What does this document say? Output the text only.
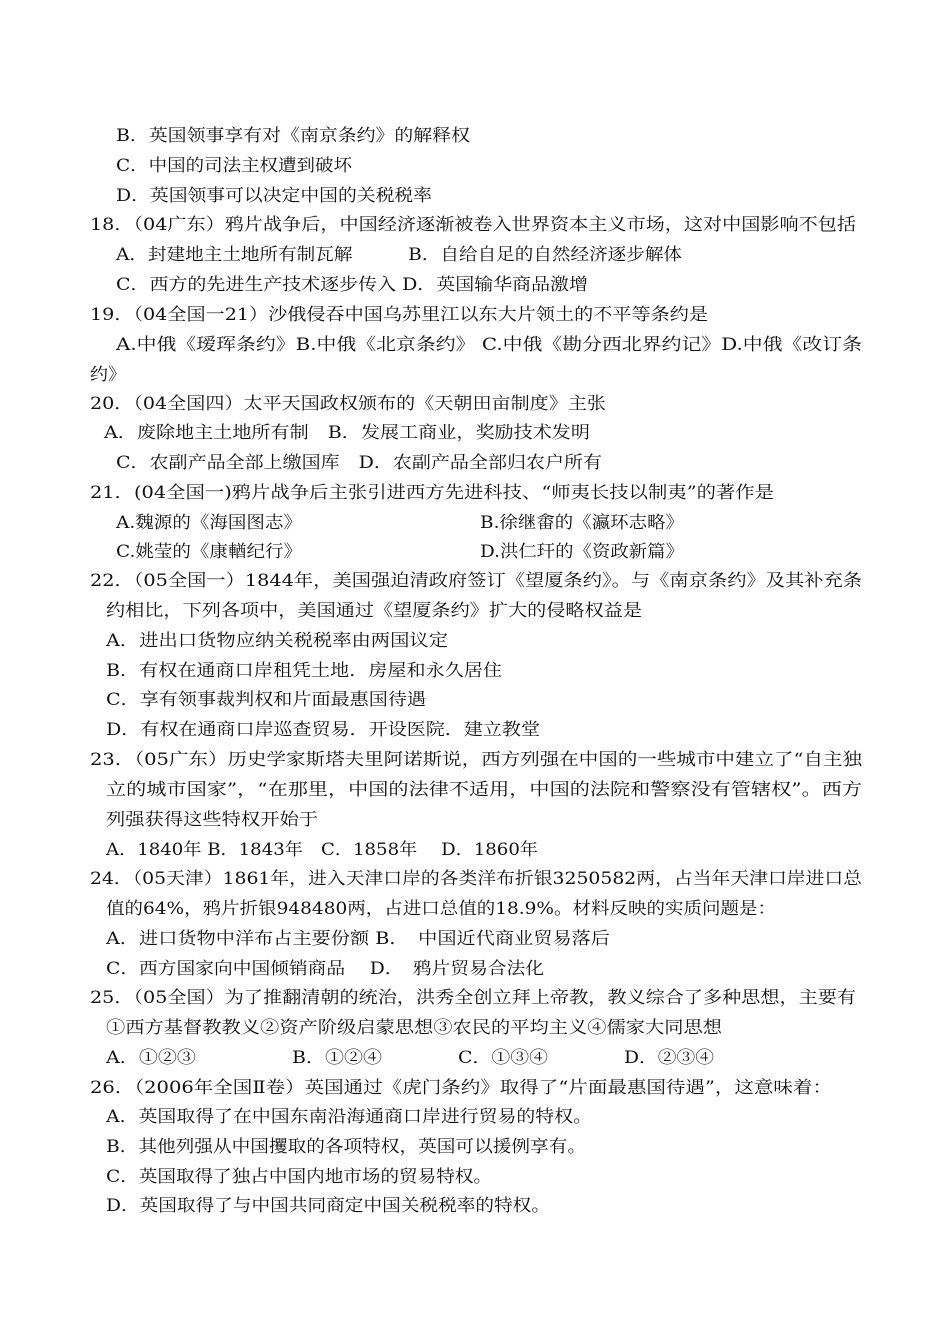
B．英国领事享有对《南京条约》的解释权
C．中国的司法主权遭到破坏
D．英国领事可以决定中国的关税税率
18．（04广东）鸦片战争后，中国经济逐渐被卷入世界资本主义市场，这对中国影响不包括
A．封建地主土地所有制瓦解　　　B．自给自足的自然经济逐步解体
C．西方的先进生产技术逐步传入 D．英国输华商品激增
19．（04全国一21）沙俄侵吞中国乌苏里江以东大片领土的不平等条约是
A.中俄《瑷珲条约》B.中俄《北京条约》 C.中俄《勘分西北界约记》D.中俄《改订条
约》
20．（04全国四）太平天国政权颁布的《天朝田亩制度》主张
A．废除地主土地所有制　B．发展工商业，奖励技术发明
C．农副产品全部上缴国库　D．农副产品全部归农户所有
21．(04全国一)鸦片战争后主张引进西方先进科技、“师夷长技以制夷”的著作是
A.魏源的《海国图志》	B.徐继畬的《瀛环志略》
C.姚莹的《康輶纪行》	D.洪仁玕的《资政新篇》
22．（05全国一）1844年，美国强迫清政府签订《望厦条约》。与《南京条约》及其补充条
约相比，下列各项中，美国通过《望厦条约》扩大的侵略权益是
A．进出口货物应纳关税税率由两国议定
B．有权在通商口岸租凭土地．房屋和永久居住
C．享有领事裁判权和片面最惠国待遇
D．有权在通商口岸巡查贸易．开设医院．建立教堂
23．（05广东）历史学家斯塔夫里阿诺斯说，西方列强在中国的一些城市中建立了“自主独
立的城市国家”，“在那里，中国的法律不适用，中国的法院和警察没有管辖权”。西方
列强获得这些特权开始于
A．1840年 B．1843年　C．1858年　 D．1860年
24．（05天津）1861年，进入天津口岸的各类洋布折银3250582两，占当年天津口岸进口总
值的64%，鸦片折银948480两，占进口总值的18.9%。材料反映的实质问题是：
A．进口货物中洋布占主要份额 B．　中国近代商业贸易落后
C．西方国家向中国倾销商品　 D．　鸦片贸易合法化
25．（05全国）为了推翻清朝的统治，洪秀全创立拜上帝教，教义综合了多种思想，主要有
①西方基督教教义②资产阶级启蒙思想③农民的平均主义④儒家大同思想
A．①②③	B．①②④	C．①③④	D．②③④
26．（2006年全国Ⅱ卷）英国通过《虎门条约》取得了“片面最惠国待遇”，这意味着：
A．英国取得了在中国东南沿海通商口岸进行贸易的特权。
B．其他列强从中国攫取的各项特权，英国可以援例享有。
C．英国取得了独占中国内地市场的贸易特权。
D．英国取得了与中国共同商定中国关税税率的特权。
